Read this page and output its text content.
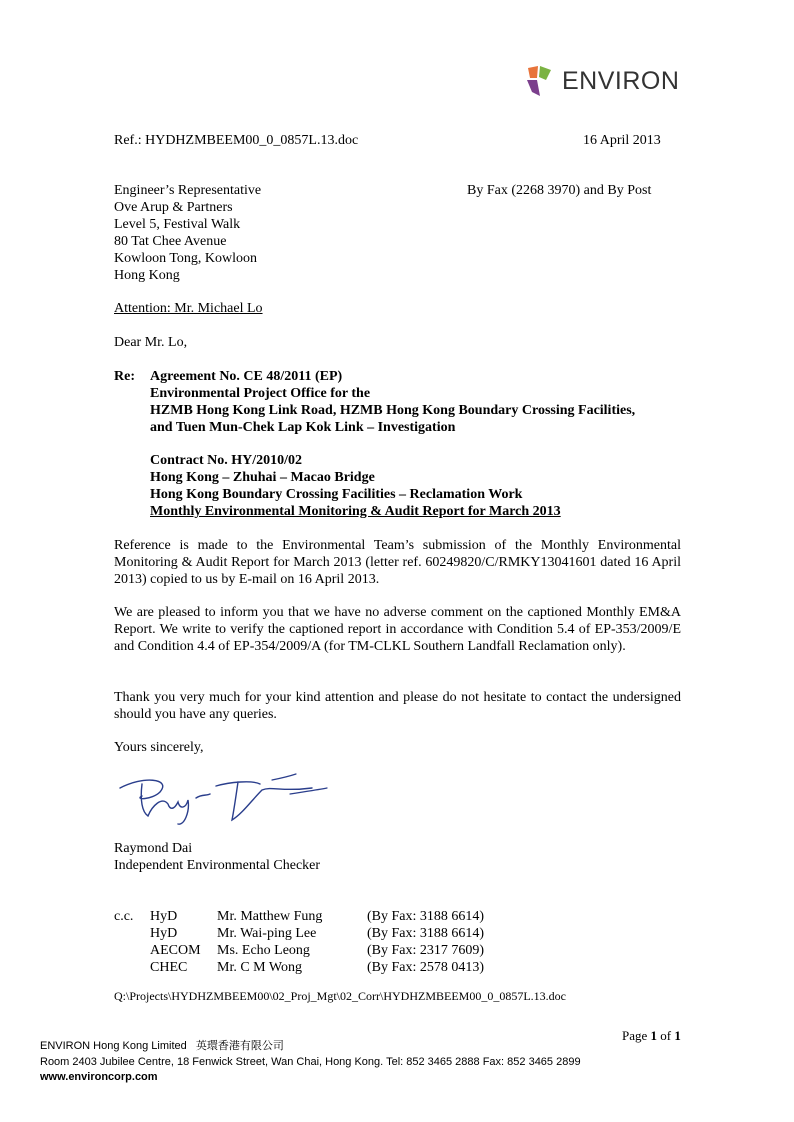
ENVIRON
Ref.: HYDHZMBEEM00_0_0857L.13.doc	16 April 2013
Engineer’s Representative
Ove Arup & Partners
Level 5, Festival Walk
80 Tat Chee Avenue
Kowloon Tong, Kowloon
Hong Kong
By Fax (2268 3970) and By Post
Attention: Mr. Michael Lo
Dear Mr. Lo,
Re: Agreement No. CE 48/2011 (EP)
Environmental Project Office for the
HZMB Hong Kong Link Road, HZMB Hong Kong Boundary Crossing Facilities,
and Tuen Mun-Chek Lap Kok Link – Investigation
Contract No. HY/2010/02
Hong Kong – Zhuhai – Macao Bridge
Hong Kong Boundary Crossing Facilities – Reclamation Work
Monthly Environmental Monitoring & Audit Report for March 2013
Reference is made to the Environmental Team’s submission of the Monthly Environmental Monitoring & Audit Report for March 2013 (letter ref. 60249820/C/RMKY13041601 dated 16 April 2013) copied to us by E-mail on 16 April 2013.
We are pleased to inform you that we have no adverse comment on the captioned Monthly EM&A Report. We write to verify the captioned report in accordance with Condition 5.4 of EP-353/2009/E and Condition 4.4 of EP-354/2009/A (for TM-CLKL Southern Landfall Reclamation only).
Thank you very much for your kind attention and please do not hesitate to contact the undersigned should you have any queries.
Yours sincerely,
Raymond Dai
Independent Environmental Checker
c.c. HyD
HyD
AECOM
CHEC
Mr. Matthew Fung
Mr. Wai-ping Lee
Ms. Echo Leong
Mr. C M Wong
(By Fax: 3188 6614)
(By Fax: 3188 6614)
(By Fax: 2317 7609)
(By Fax: 2578 0413)
Q:\Projects\HYDHZMBEEM00\02_Proj_Mgt\02_Corr\HYDHZMBEEM00_0_0857L.13.doc
Page 1 of 1
ENVIRON Hong Kong Limited 英環香港有限公司
Room 2403 Jubilee Centre, 18 Fenwick Street, Wan Chai, Hong Kong. Tel: 852 3465 2888 Fax: 852 3465 2899
www.environcorp.com
